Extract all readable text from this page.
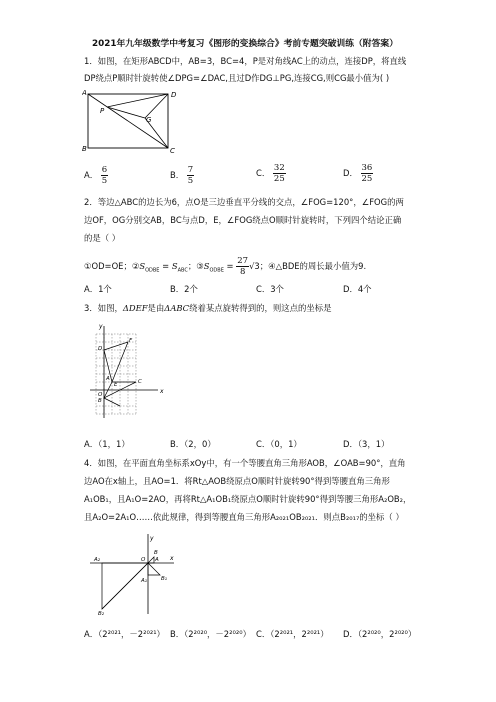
2021年九年级数学中考复习《图形的变换综合》考前专题突破训练（附答案）
1．如图，在矩形ABCD中，AB=3，BC=4，P是对角线AC上的动点，连接DP，将直线
DP绕点P顺时针旋转使∠DPG=∠DAC,且过D作DG⊥PG,连接CG,则CG最小值为( )
A	D
B	C
P
G
A． $\frac{6}{5}$	B． $\frac{7}{5}$	C． $\frac{32}{25}$	D． $\frac{36}{25}$
2．等边△ABC的边长为6，点O是三边垂直平分线的交点，∠FOG=120°，∠FOG的两
边OF，OG分别交AB，BC与点D，E，∠FOG绕点O顺时针旋转时，下列四个结论正确
的是（ ）
①OD=OE；$②S_{ODBE} = S_{ABC}$；$③S_{ODBE} = \frac{27}{8} √3$；④△BDE的周长最小值为9.
A．1个	B．2个	C．3个	D．4个
3．如图，ΔDEF是由ΔABC绕着某点旋转得到的，则这点的坐标是
y
x
O
A
B
C
D
E
F
A．（1，1）	B．（2，0）	C．（0，1）	D．（3，1）
4．如图，在平面直角坐标系xOy中，有一个等腰直角三角形AOB，∠OAB=90°，直角
边AO在x轴上，且AO=1．将Rt△AOB绕原点O顺时针旋转90°得到等腰直角三角形
A₁OB₁，且A₁O=2AO，再将Rt△A₁OB₁绕原点O顺时针旋转90°得到等腰三角形A₂OB₂，
且A₂O=2A₁O……依此规律，得到等腰直角三角形A₂₀₂₁OB₂₀₂₁．则点B₂₀₁₇的坐标（ ）
y
x
O A
B
A₁	B₁
A₂
B₂
A．（2²⁰²¹，－2²⁰²¹） B．（2²⁰²⁰，－2²⁰²⁰） C．（2²⁰²¹，2²⁰²¹） D．（2²⁰²⁰，2²⁰²⁰）
